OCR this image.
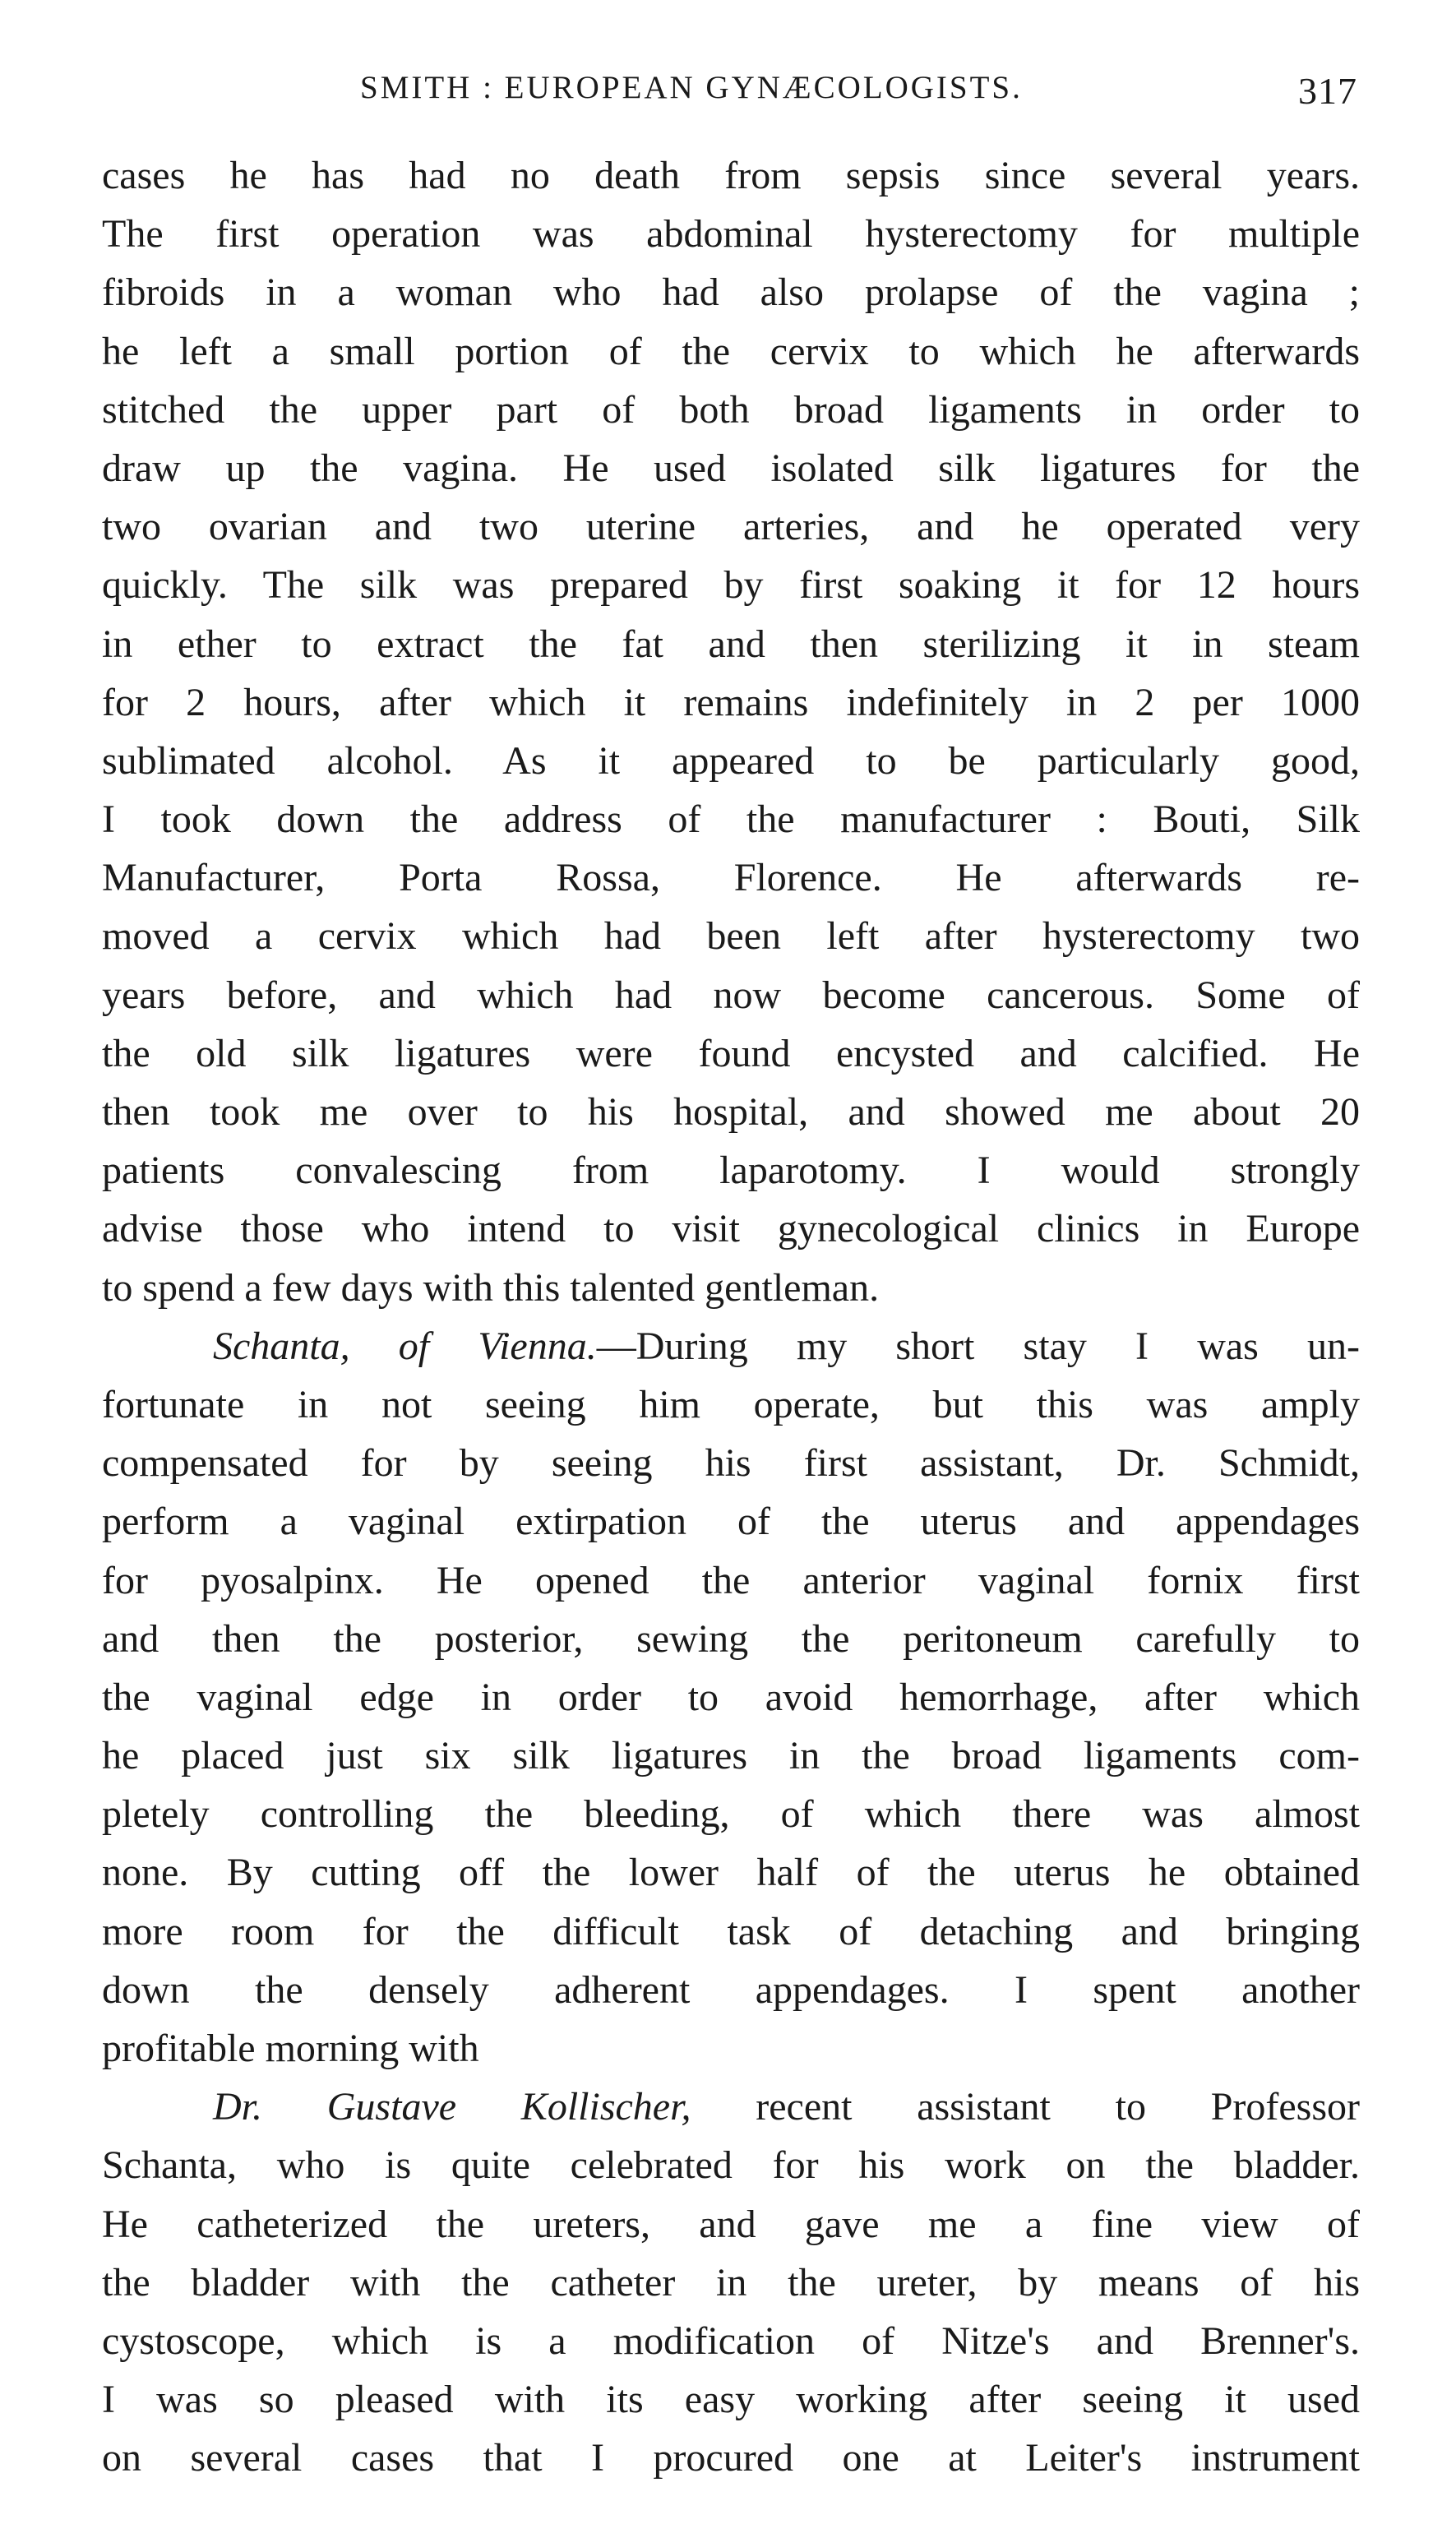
SMITH : EUROPEAN GYNÆCOLOGISTS.	317
cases he has had no death from sepsis since several years.
The first operation was abdominal hysterectomy for multiple
fibroids in a woman who had also prolapse of the vagina ;
he left a small portion of the cervix to which he afterwards
stitched the upper part of both broad ligaments in order to
draw up the vagina. He used isolated silk ligatures for the
two ovarian and two uterine arteries, and he operated very
quickly. The silk was prepared by first soaking it for 12 hours
in ether to extract the fat and then sterilizing it in steam
for 2 hours, after which it remains indefinitely in 2 per 1000
sublimated alcohol. As it appeared to be particularly good,
I took down the address of the manufacturer : Bouti, Silk
Manufacturer, Porta Rossa, Florence. He afterwards re-
moved a cervix which had been left after hysterectomy two
years before, and which had now become cancerous. Some of
the old silk ligatures were found encysted and calcified. He
then took me over to his hospital, and showed me about 20
patients convalescing from laparotomy. I would strongly
advise those who intend to visit gynecological clinics in Europe
to spend a few days with this talented gentleman.
Schanta, of Vienna.—During my short stay I was un-
fortunate in not seeing him operate, but this was amply
compensated for by seeing his first assistant, Dr. Schmidt,
perform a vaginal extirpation of the uterus and appendages
for pyosalpinx. He opened the anterior vaginal fornix first
and then the posterior, sewing the peritoneum carefully to
the vaginal edge in order to avoid hemorrhage, after which
he placed just six silk ligatures in the broad ligaments com-
pletely controlling the bleeding, of which there was almost
none. By cutting off the lower half of the uterus he obtained
more room for the difficult task of detaching and bringing
down the densely adherent appendages. I spent another
profitable morning with
Dr. Gustave Kollischer, recent assistant to Professor
Schanta, who is quite celebrated for his work on the bladder.
He catheterized the ureters, and gave me a fine view of
the bladder with the catheter in the ureter, by means of his
cystoscope, which is a modification of Nitze's and Brenner's.
I was so pleased with its easy working after seeing it used
on several cases that I procured one at Leiter's instrument
